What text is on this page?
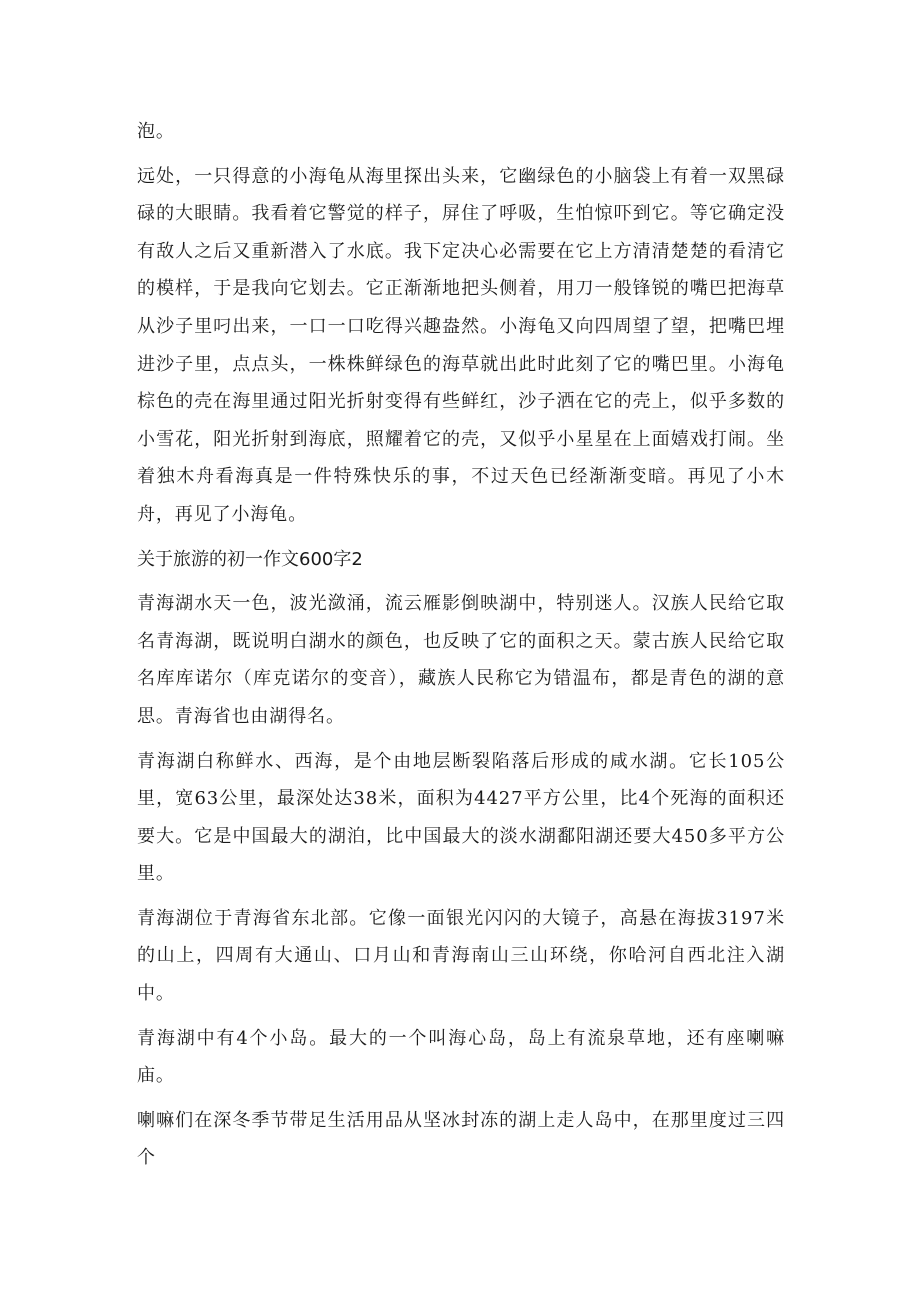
泡。

远处，一只得意的小海龟从海里探出头来，它幽绿色的小脑袋上有着一双黑碌碌的大眼睛。我看着它警觉的样子，屏住了呼吸，生怕惊吓到它。等它确定没有敌人之后又重新潜入了水底。我下定决心必需要在它上方清清楚楚的看清它的模样，于是我向它划去。它正渐渐地把头侧着，用刀一般锋锐的嘴巴把海草从沙子里叼出来，一口一口吃得兴趣盎然。小海龟又向四周望了望，把嘴巴埋进沙子里，点点头，一株株鲜绿色的海草就出此时此刻了它的嘴巴里。小海龟棕色的壳在海里通过阳光折射变得有些鲜红，沙子洒在它的壳上，似乎多数的小雪花，阳光折射到海底，照耀着它的壳，又似乎小星星在上面嬉戏打闹。坐着独木舟看海真是一件特殊快乐的事，不过天色已经渐渐变暗。再见了小木舟，再见了小海龟。

关于旅游的初一作文600字2

青海湖水天一色，波光潋涌，流云雁影倒映湖中，特别迷人。汉族人民给它取名青海湖，既说明白湖水的颜色，也反映了它的面积之天。蒙古族人民给它取名库库诺尔（库克诺尔的变音），藏族人民称它为错温布，都是青色的湖的意思。青海省也由湖得名。

青海湖白称鲜水、西海，是个由地层断裂陷落后形成的咸水湖。它长105公里，宽63公里，最深处达38米，面积为4427平方公里，比4个死海的面积还要大。它是中国最大的湖泊，比中国最大的淡水湖鄱阳湖还要大450多平方公里。

青海湖位于青海省东北部。它像一面银光闪闪的大镜子，高悬在海拔3197米的山上，四周有大通山、口月山和青海南山三山环绕，你哈河自西北注入湖中。

青海湖中有4个小岛。最大的一个叫海心岛，岛上有流泉草地，还有座喇嘛庙。

喇嘛们在深冬季节带足生活用品从坚冰封冻的湖上走人岛中，在那里度过三四个
